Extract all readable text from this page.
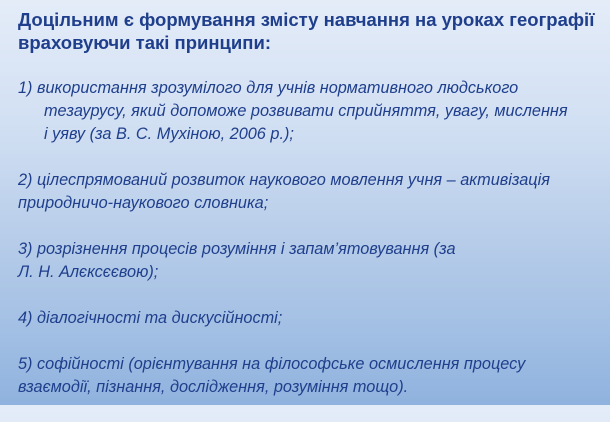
Доцільним є формування змісту навчання на уроках географії
враховуючи такі принципи:

1) використання зрозумілого для учнів нормативного людського
тезаурусу, який допоможе розвивати сприйняття, увагу, мислення
і уяву (за В. С. Мухіною, 2006 р.);

2) цілеспрямований розвиток наукового мовлення учня – активізація
природничо-наукового словника;

3) розрізнення процесів розуміння і запам’ятовування (за
Л. Н. Алєксєєвою);

4) діалогічності та дискусійності;

5) софійності (орієнтування на філософське осмислення процесу
взаємодії, пізнання, дослідження, розуміння тощо).
